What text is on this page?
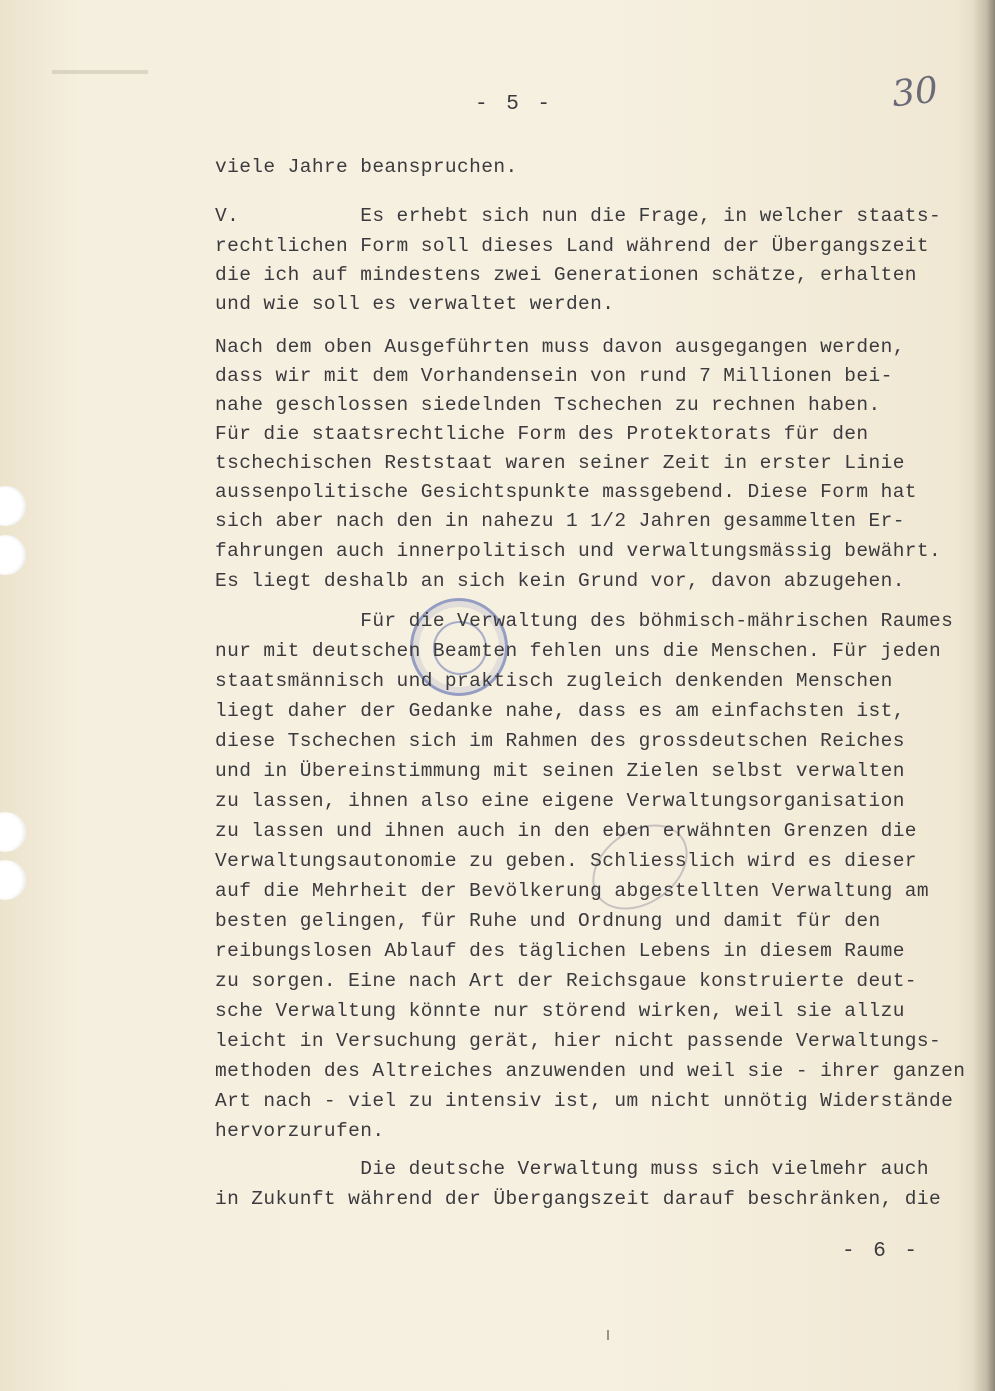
- 5 -	30
viele Jahre beanspruchen.
V.          Es erhebt sich nun die Frage, in welcher staats-
rechtlichen Form soll dieses Land während der Übergangszeit
die ich auf mindestens zwei Generationen schätze, erhalten
und wie soll es verwaltet werden.
Nach dem oben Ausgeführten muss davon ausgegangen werden,
dass wir mit dem Vorhandensein von rund 7 Millionen bei-
nahe geschlossen siedelnden Tschechen zu rechnen haben.
Für die staatsrechtliche Form des Protektorats für den
tschechischen Reststaat waren seiner Zeit in erster Linie
aussenpolitische Gesichtspunkte massgebend. Diese Form hat
sich aber nach den in nahezu 1 1/2 Jahren gesammelten Er-
fahrungen auch innerpolitisch und verwaltungsmässig bewährt.
Es liegt deshalb an sich kein Grund vor, davon abzugehen.
Für die Verwaltung des böhmisch-mährischen Raumes
nur mit deutschen Beamten fehlen uns die Menschen. Für jeden
staatsmännisch und praktisch zugleich denkenden Menschen
liegt daher der Gedanke nahe, dass es am einfachsten ist,
diese Tschechen sich im Rahmen des grossdeutschen Reiches
und in Übereinstimmung mit seinen Zielen selbst verwalten
zu lassen, ihnen also eine eigene Verwaltungsorganisation
zu lassen und ihnen auch in den eben erwähnten Grenzen die
Verwaltungsautonomie zu geben. Schliesslich wird es dieser
auf die Mehrheit der Bevölkerung abgestellten Verwaltung am
besten gelingen, für Ruhe und Ordnung und damit für den
reibungslosen Ablauf des täglichen Lebens in diesem Raume
zu sorgen. Eine nach Art der Reichsgaue konstruierte deut-
sche Verwaltung könnte nur störend wirken, weil sie allzu
leicht in Versuchung gerät, hier nicht passende Verwaltungs-
methoden des Altreiches anzuwenden und weil sie - ihrer ganzen
Art nach - viel zu intensiv ist, um nicht unnötig Widerstände
hervorzurufen.
Die deutsche Verwaltung muss sich vielmehr auch
in Zukunft während der Übergangszeit darauf beschränken, die
- 6 -
